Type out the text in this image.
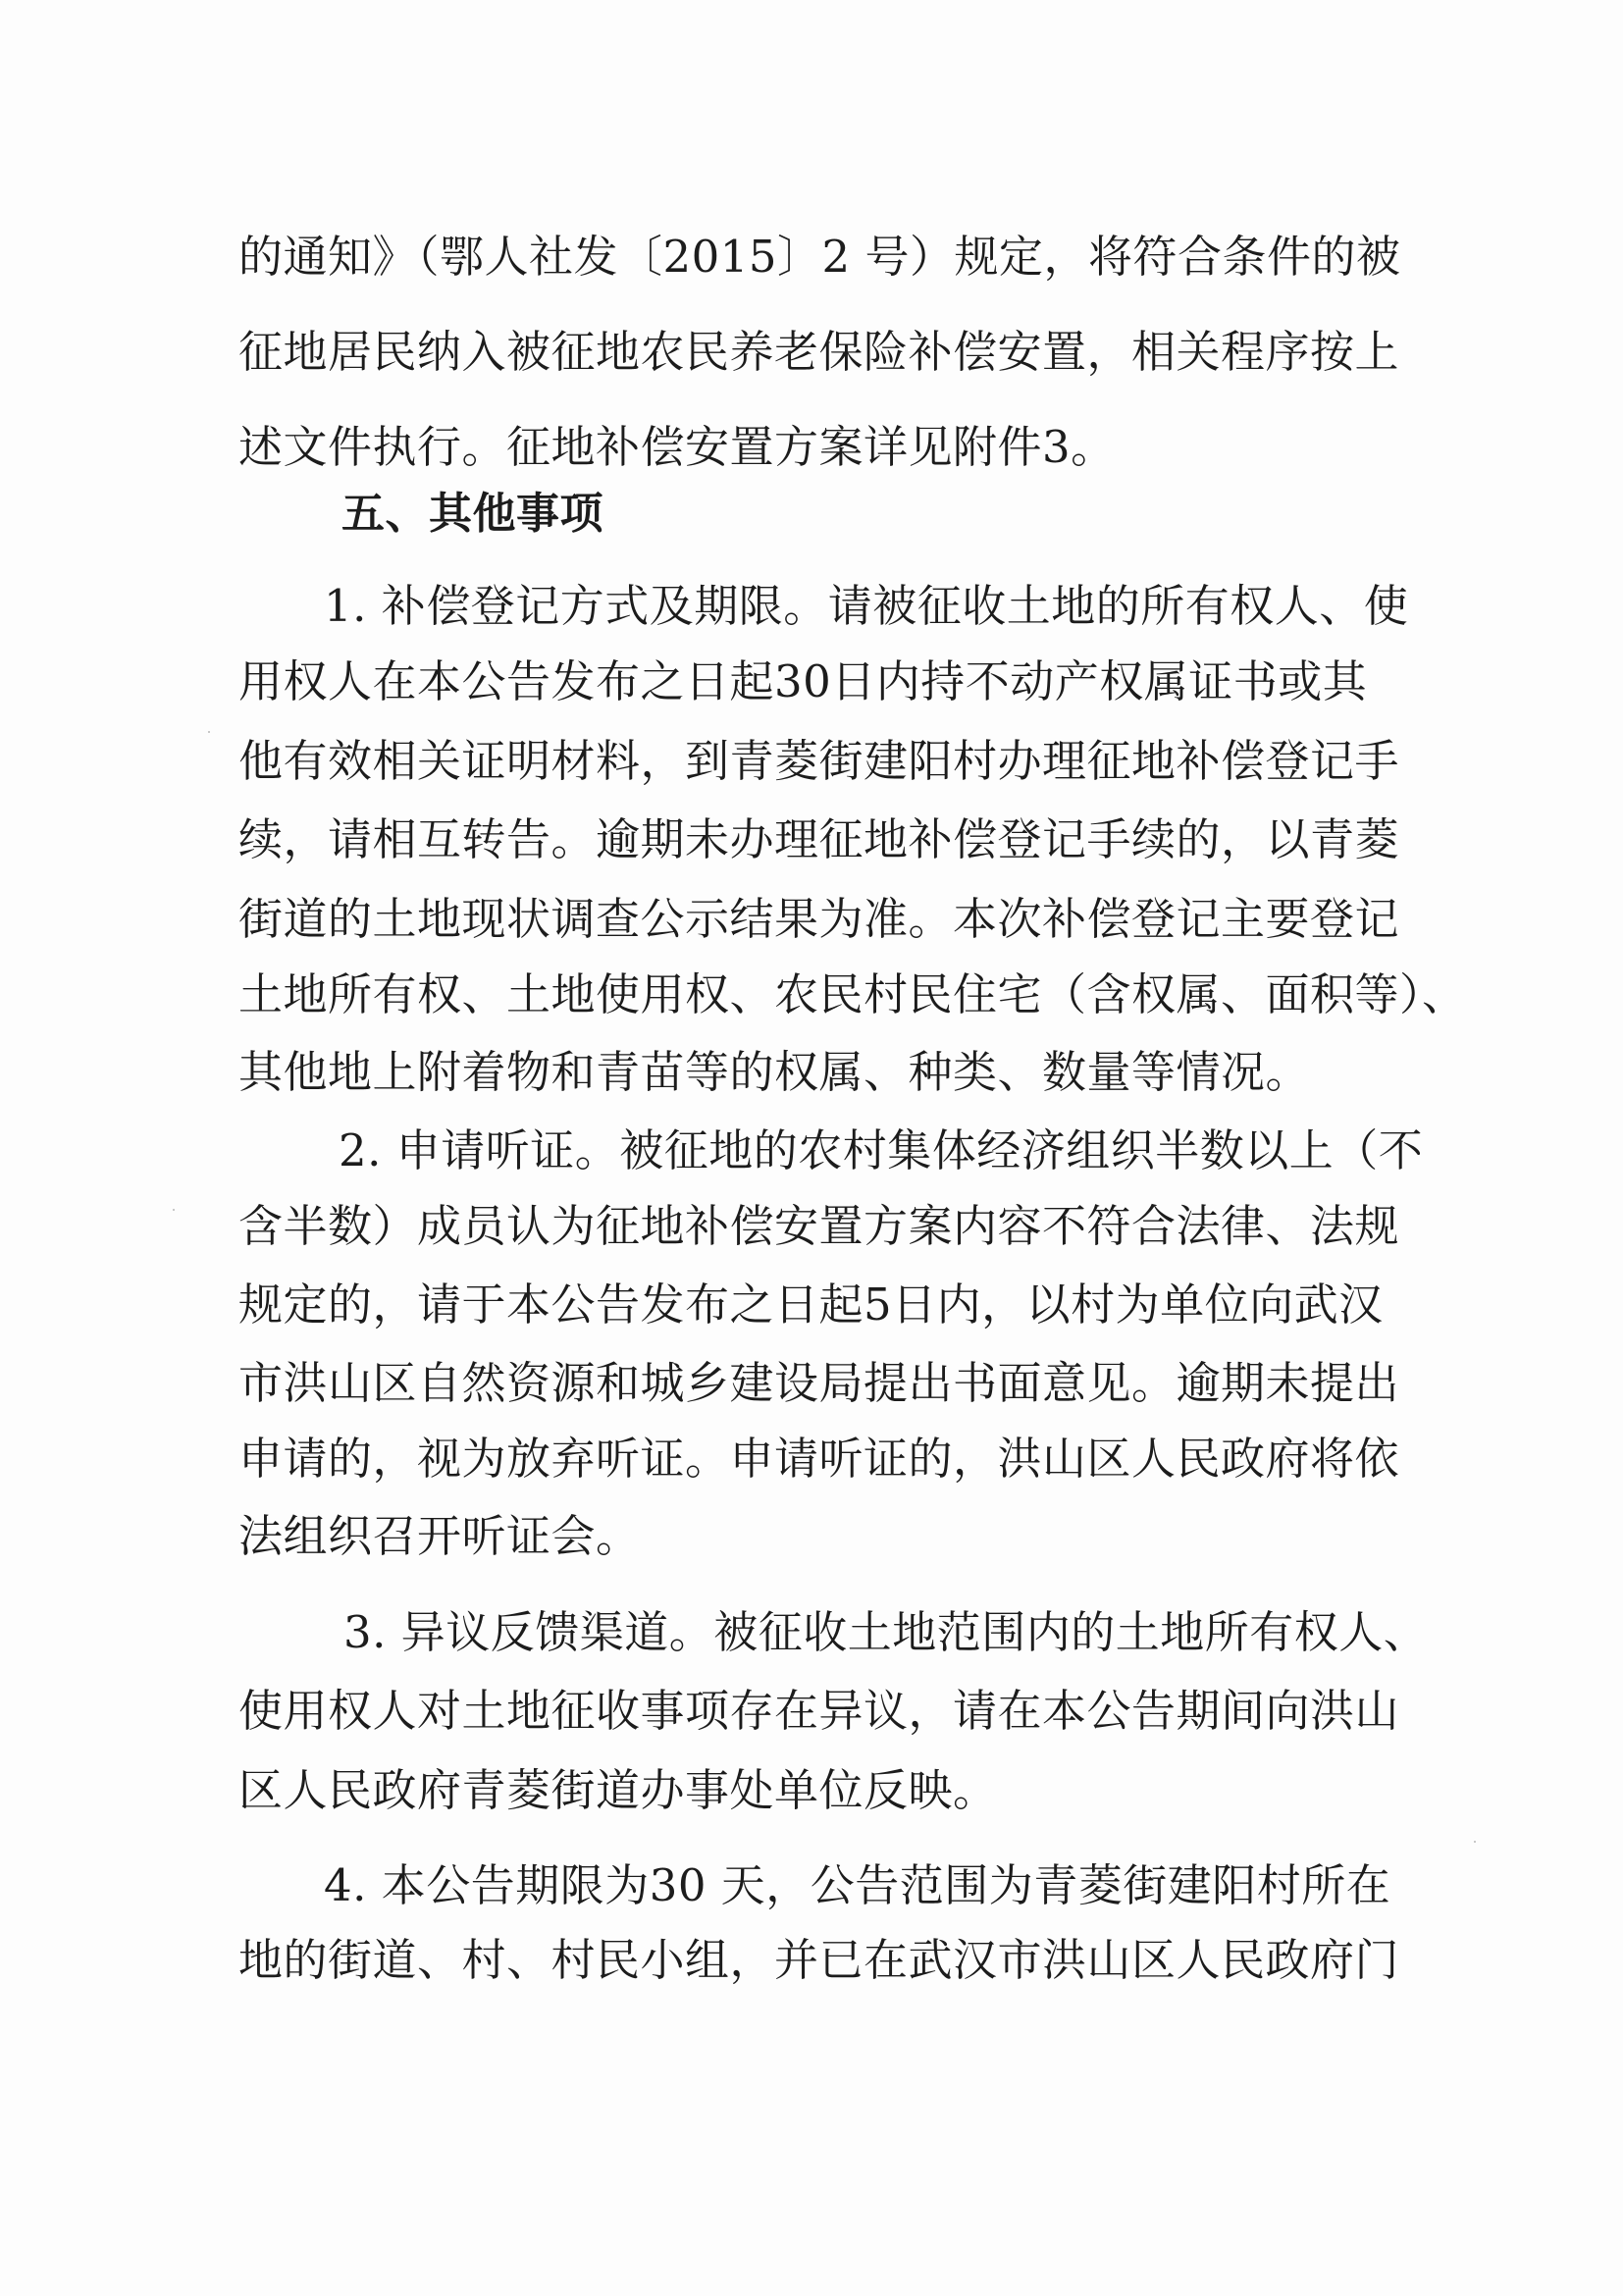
的通知》（鄂人社发〔2015〕2 号）规定，将符合条件的被
征地居民纳入被征地农民养老保险补偿安置，相关程序按上
述文件执行。征地补偿安置方案详见附件3。
五、其他事项
1. 补偿登记方式及期限。请被征收土地的所有权人、使
用权人在本公告发布之日起30日内持不动产权属证书或其
他有效相关证明材料，到青菱街建阳村办理征地补偿登记手
续，请相互转告。逾期未办理征地补偿登记手续的，以青菱
街道的土地现状调查公示结果为准。本次补偿登记主要登记
土地所有权、土地使用权、农民村民住宅（含权属、面积等）、
其他地上附着物和青苗等的权属、种类、数量等情况。
2. 申请听证。被征地的农村集体经济组织半数以上（不
含半数）成员认为征地补偿安置方案内容不符合法律、法规
规定的，请于本公告发布之日起5日内，以村为单位向武汉
市洪山区自然资源和城乡建设局提出书面意见。逾期未提出
申请的，视为放弃听证。申请听证的，洪山区人民政府将依
法组织召开听证会。
3. 异议反馈渠道。被征收土地范围内的土地所有权人、
使用权人对土地征收事项存在异议，请在本公告期间向洪山
区人民政府青菱街道办事处单位反映。
4. 本公告期限为30 天，公告范围为青菱街建阳村所在
地的街道、村、村民小组，并已在武汉市洪山区人民政府门
